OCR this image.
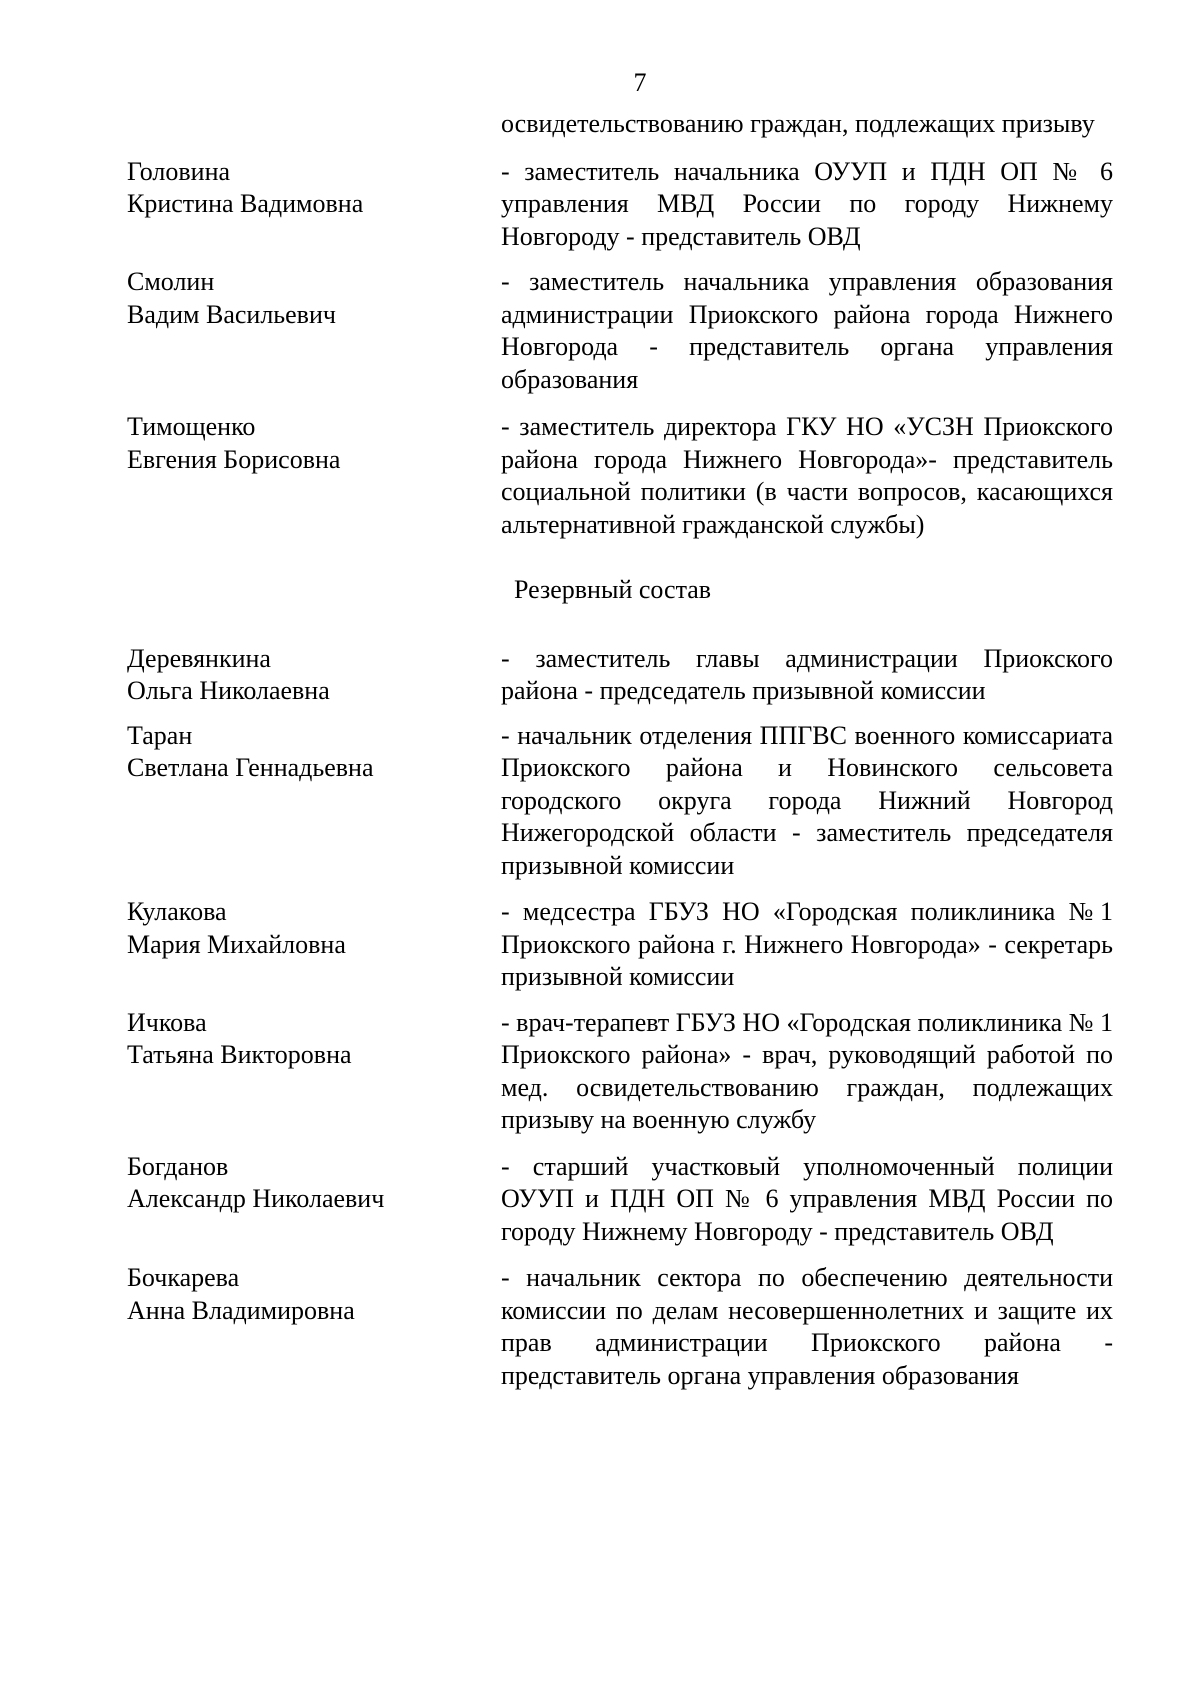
7
освидетельствованию граждан, подлежащих призыву
Головина
Кристина Вадимовна
- заместитель начальника ОУУП и ПДН ОП № 6 управления МВД России по городу Нижнему Новгороду - представитель ОВД
Смолин
Вадим Васильевич
- заместитель начальника управления образования администрации Приокского района города Нижнего Новгорода - представитель органа управления образования
Тимощенко
Евгения Борисовна
- заместитель директора ГКУ НО «УСЗН Приокского района города Нижнего Новгорода»- представитель социальной политики (в части вопросов, касающихся альтернативной гражданской службы)
Резервный состав
Деревянкина
Ольга Николаевна
- заместитель главы администрации Приокского района - председатель призывной комиссии
Таран
Светлана Геннадьевна
- начальник отделения ППГВС военного комиссариата Приокского района и Новинского сельсовета городского округа города Нижний Новгород Нижегородской области - заместитель председателя призывной комиссии
Кулакова
Мария Михайловна
- медсестра ГБУЗ НО «Городская поликлиника №1 Приокского района г. Нижнего Новгорода» - секретарь призывной комиссии
Ичкова
Татьяна Викторовна
- врач-терапевт ГБУЗ НО «Городская поликлиника № 1 Приокского района» - врач, руководящий работой по мед. освидетельствованию граждан, подлежащих призыву на военную службу
Богданов
Александр Николаевич
- старший участковый уполномоченный полиции ОУУП и ПДН ОП № 6 управления МВД России по городу Нижнему Новгороду - представитель ОВД
Бочкарева
Анна Владимировна
- начальник сектора по обеспечению деятельности комиссии по делам несовершеннолетних и защите их прав администрации Приокского района - представитель органа управления образования
